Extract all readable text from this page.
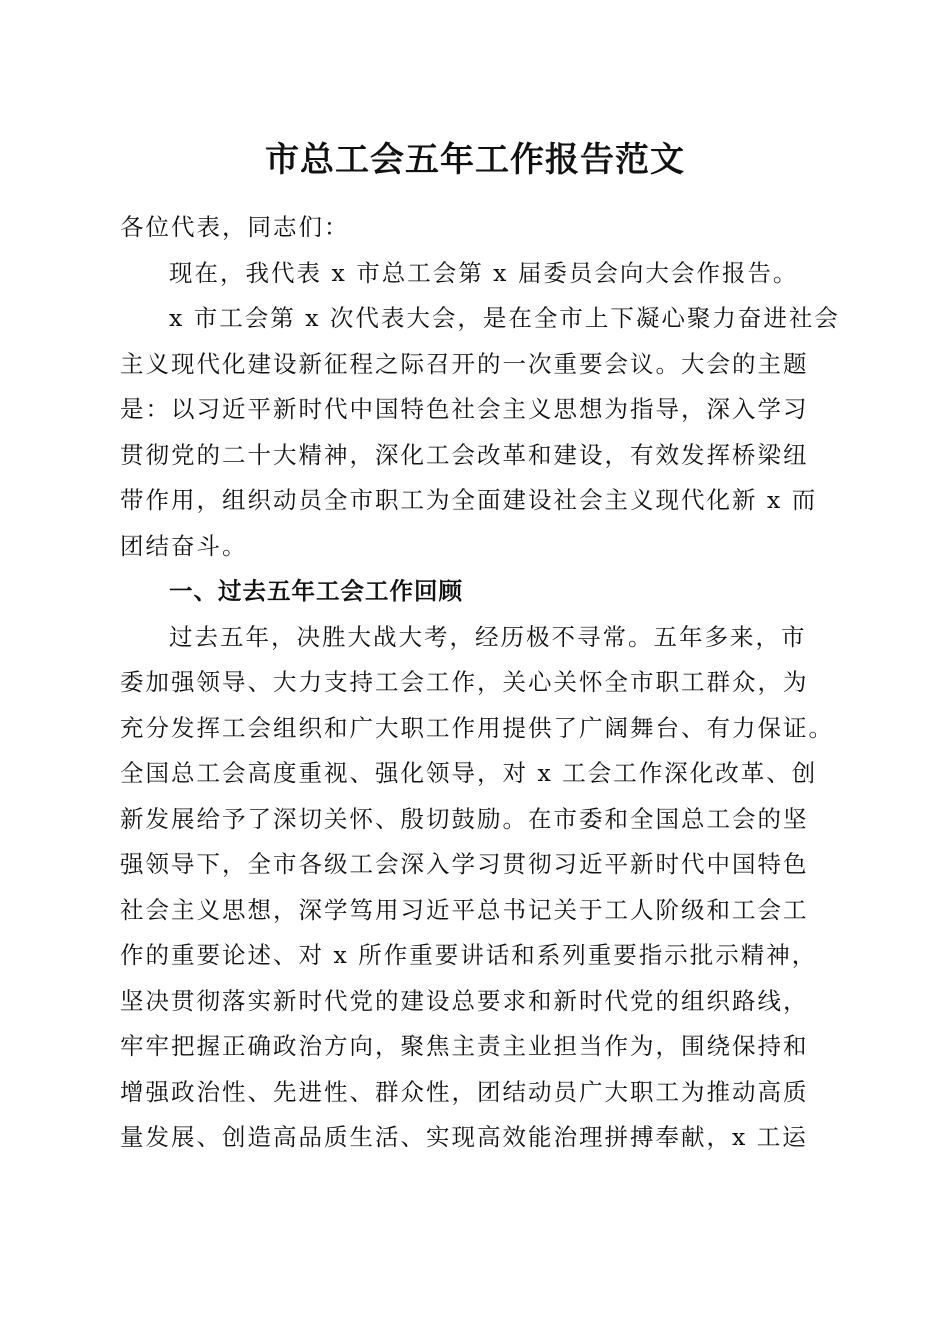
市总工会五年工作报告范文
各位代表，同志们：
现在，我代表 x 市总工会第 x 届委员会向大会作报告。
x 市工会第 x 次代表大会，是在全市上下凝心聚力奋进社会
主义现代化建设新征程之际召开的一次重要会议。大会的主题
是：以习近平新时代中国特色社会主义思想为指导，深入学习
贯彻党的二十大精神，深化工会改革和建设，有效发挥桥梁纽
带作用，组织动员全市职工为全面建设社会主义现代化新 x 而
团结奋斗。
一、过去五年工会工作回顾
过去五年，决胜大战大考，经历极不寻常。五年多来，市
委加强领导、大力支持工会工作，关心关怀全市职工群众，为
充分发挥工会组织和广大职工作用提供了广阔舞台、有力保证。
全国总工会高度重视、强化领导，对 x 工会工作深化改革、创
新发展给予了深切关怀、殷切鼓励。在市委和全国总工会的坚
强领导下，全市各级工会深入学习贯彻习近平新时代中国特色
社会主义思想，深学笃用习近平总书记关于工人阶级和工会工
作的重要论述、对 x 所作重要讲话和系列重要指示批示精神，
坚决贯彻落实新时代党的建设总要求和新时代党的组织路线，
牢牢把握正确政治方向，聚焦主责主业担当作为，围绕保持和
增强政治性、先进性、群众性，团结动员广大职工为推动高质
量发展、创造高品质生活、实现高效能治理拼搏奉献，x 工运
